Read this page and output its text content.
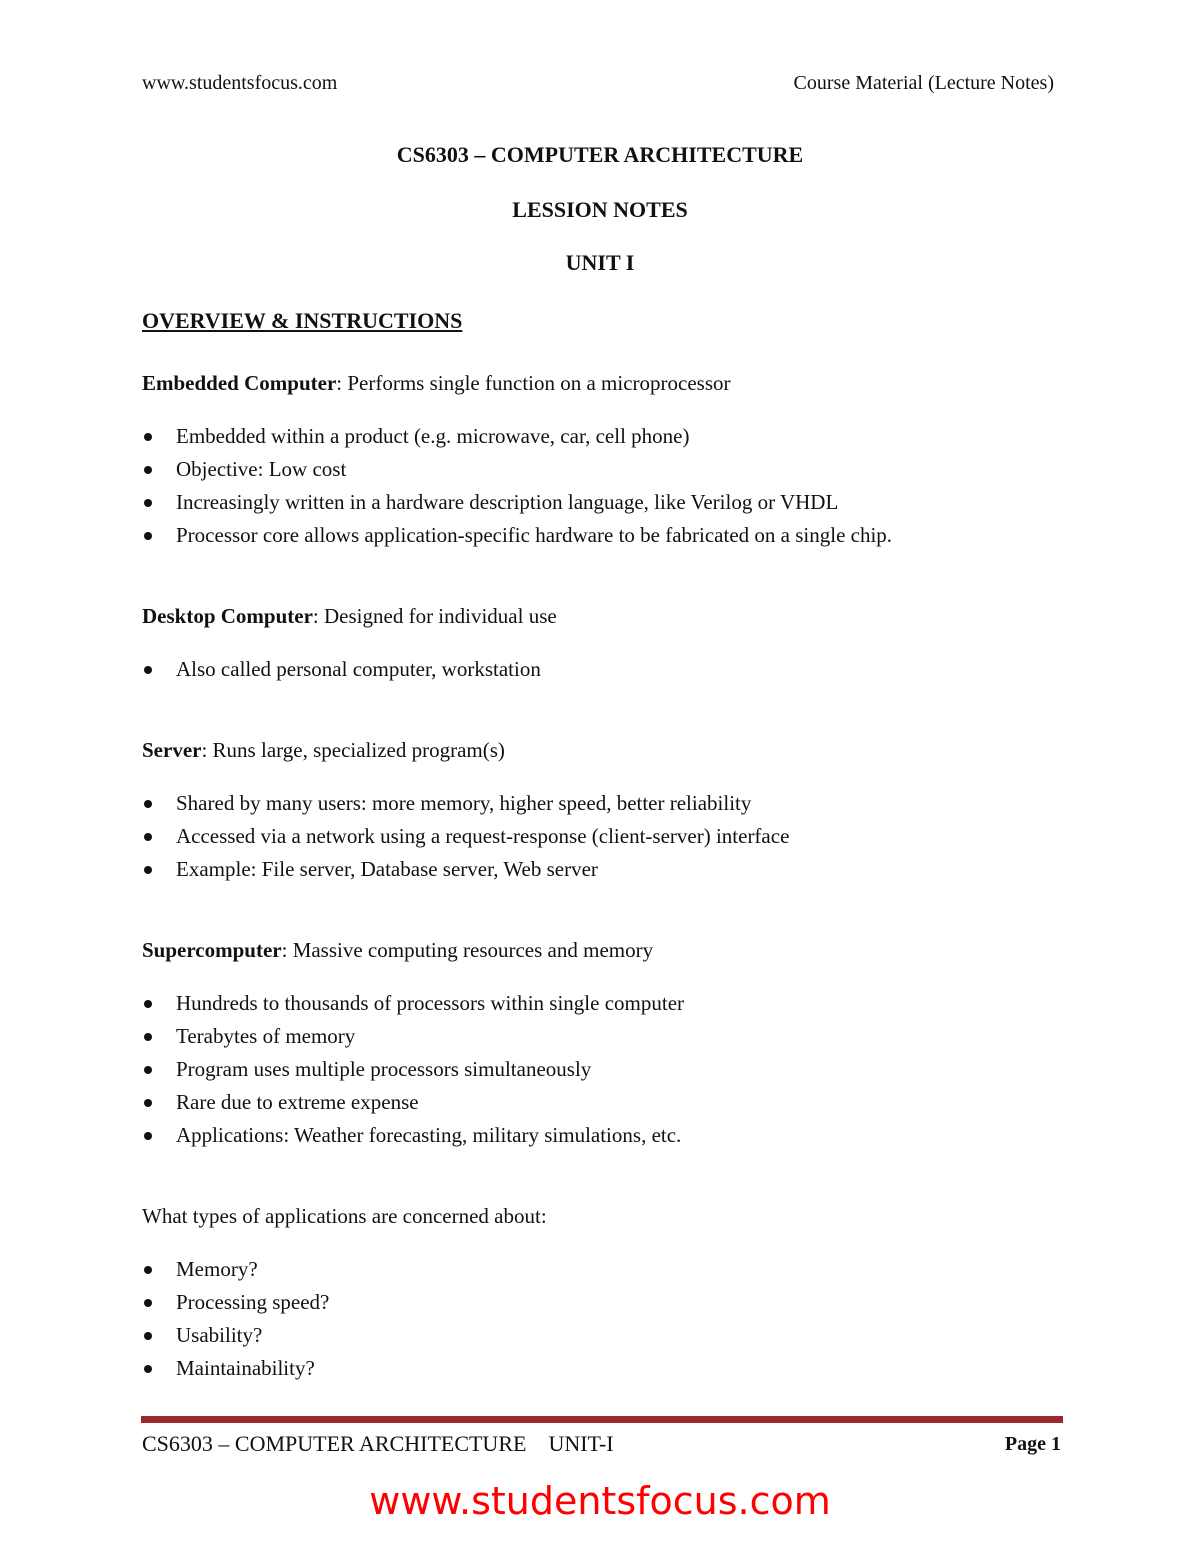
www.studentsfocus.com	Course Material (Lecture Notes)
CS6303 – COMPUTER ARCHITECTURE
LESSION NOTES
UNIT I
OVERVIEW & INSTRUCTIONS

Embedded Computer: Performs single function on a microprocessor

Embedded within a product (e.g. microwave, car, cell phone)
Objective: Low cost
Increasingly written in a hardware description language, like Verilog or VHDL
Processor core allows application-specific hardware to be fabricated on a single chip.

Desktop Computer: Designed for individual use

Also called personal computer, workstation

Server: Runs large, specialized program(s)

Shared by many users: more memory, higher speed, better reliability
Accessed via a network using a request-response (client-server) interface
Example: File server, Database server, Web server

Supercomputer: Massive computing resources and memory

Hundreds to thousands of processors within single computer
Terabytes of memory
Program uses multiple processors simultaneously
Rare due to extreme expense
Applications: Weather forecasting, military simulations, etc.

What types of applications are concerned about:

Memory?
Processing speed?
Usability?
Maintainability?
CS6303 – COMPUTER ARCHITECTURE UNIT-I	Page 1
www.studentsfocus.com
